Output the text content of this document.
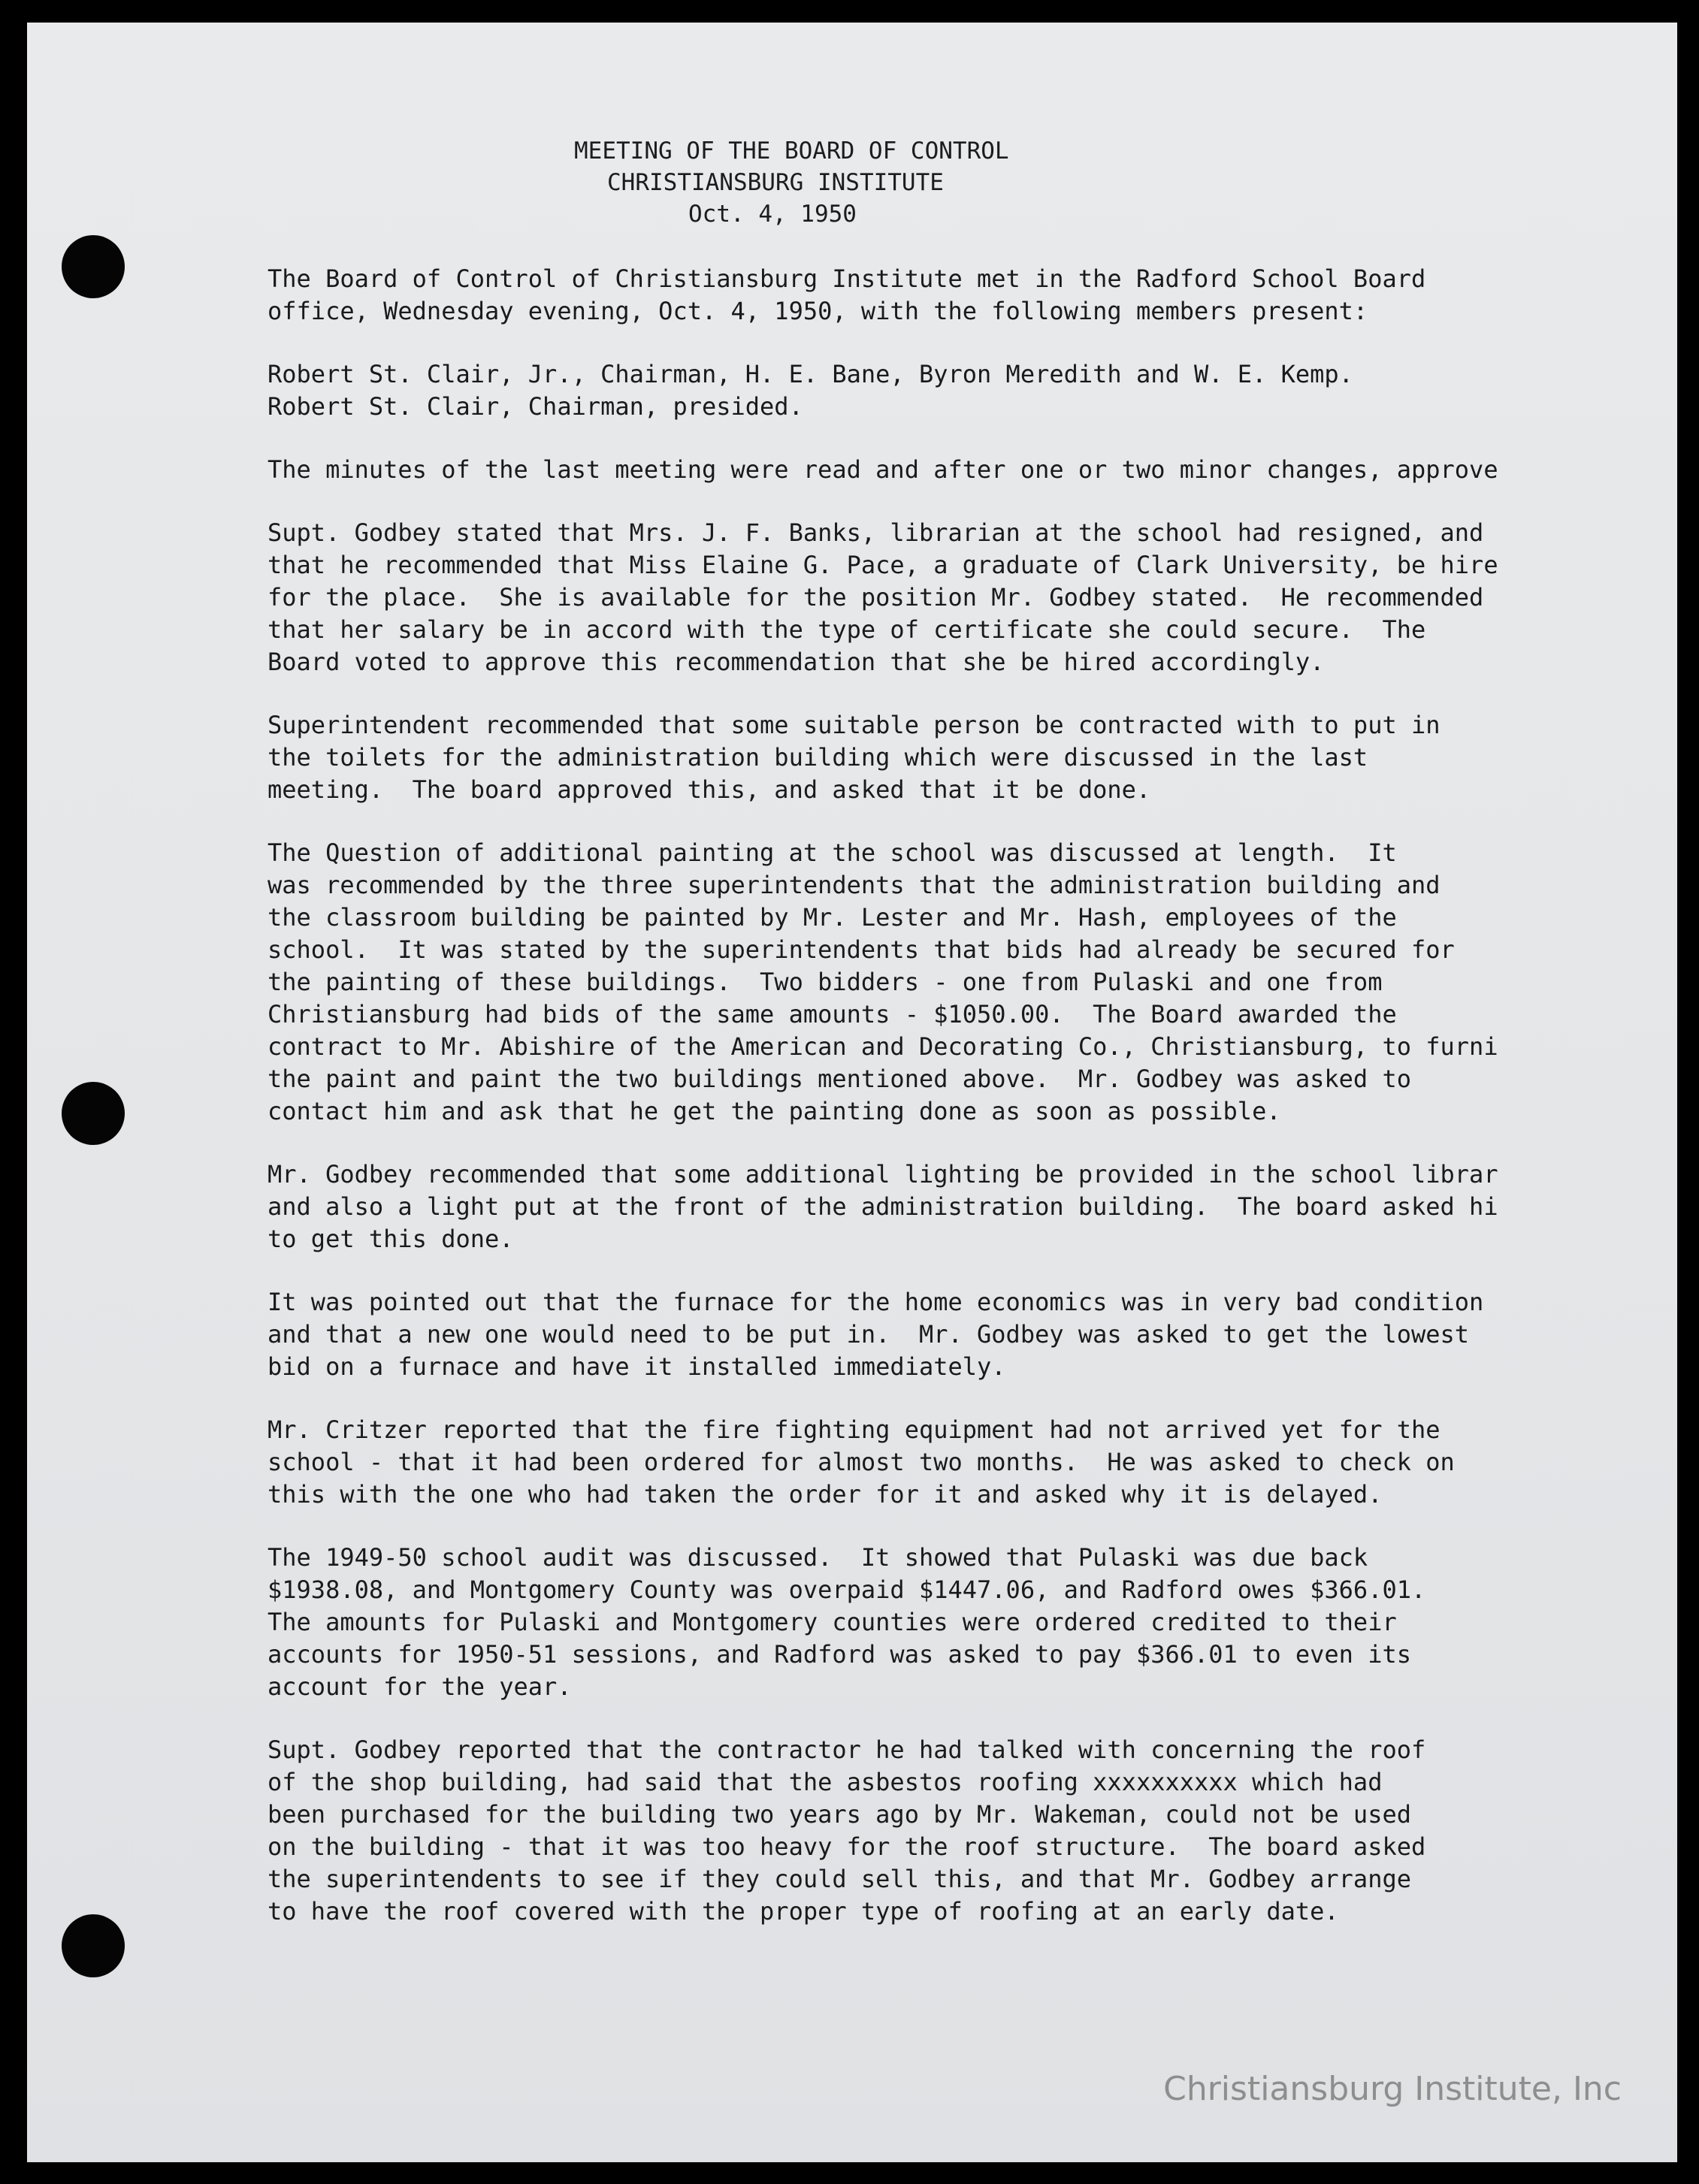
MEETING OF THE BOARD OF CONTROL
CHRISTIANSBURG INSTITUTE
Oct. 4, 1950
The Board of Control of Christiansburg Institute met in the Radford School Board
office, Wednesday evening, Oct. 4, 1950, with the following members present:
Robert St. Clair, Jr., Chairman, H. E. Bane, Byron Meredith and W. E. Kemp.
Robert St. Clair, Chairman, presided.
The minutes of the last meeting were read and after one or two minor changes, approve
Supt. Godbey stated that Mrs. J. F. Banks, librarian at the school had resigned, and
that he recommended that Miss Elaine G. Pace, a graduate of Clark University, be hire
for the place.  She is available for the position Mr. Godbey stated.  He recommended
that her salary be in accord with the type of certificate she could secure.  The
Board voted to approve this recommendation that she be hired accordingly.
Superintendent recommended that some suitable person be contracted with to put in
the toilets for the administration building which were discussed in the last
meeting.  The board approved this, and asked that it be done.
The Question of additional painting at the school was discussed at length.  It
was recommended by the three superintendents that the administration building and
the classroom building be painted by Mr. Lester and Mr. Hash, employees of the
school.  It was stated by the superintendents that bids had already be secured for
the painting of these buildings.  Two bidders - one from Pulaski and one from
Christiansburg had bids of the same amounts - $1050.00.  The Board awarded the
contract to Mr. Abishire of the American and Decorating Co., Christiansburg, to furni
the paint and paint the two buildings mentioned above.  Mr. Godbey was asked to
contact him and ask that he get the painting done as soon as possible.
Mr. Godbey recommended that some additional lighting be provided in the school librar
and also a light put at the front of the administration building.  The board asked hi
to get this done.
It was pointed out that the furnace for the home economics was in very bad condition
and that a new one would need to be put in.  Mr. Godbey was asked to get the lowest
bid on a furnace and have it installed immediately.
Mr. Critzer reported that the fire fighting equipment had not arrived yet for the
school - that it had been ordered for almost two months.  He was asked to check on
this with the one who had taken the order for it and asked why it is delayed.
The 1949-50 school audit was discussed.  It showed that Pulaski was due back
$1938.08, and Montgomery County was overpaid $1447.06, and Radford owes $366.01.
The amounts for Pulaski and Montgomery counties were ordered credited to their
accounts for 1950-51 sessions, and Radford was asked to pay $366.01 to even its
account for the year.
Supt. Godbey reported that the contractor he had talked with concerning the roof
of the shop building, had said that the asbestos roofing xxxxxxxxxx which had
been purchased for the building two years ago by Mr. Wakeman, could not be used
on the building - that it was too heavy for the roof structure.  The board asked
the superintendents to see if they could sell this, and that Mr. Godbey arrange
to have the roof covered with the proper type of roofing at an early date.
Christiansburg Institute, Inc
